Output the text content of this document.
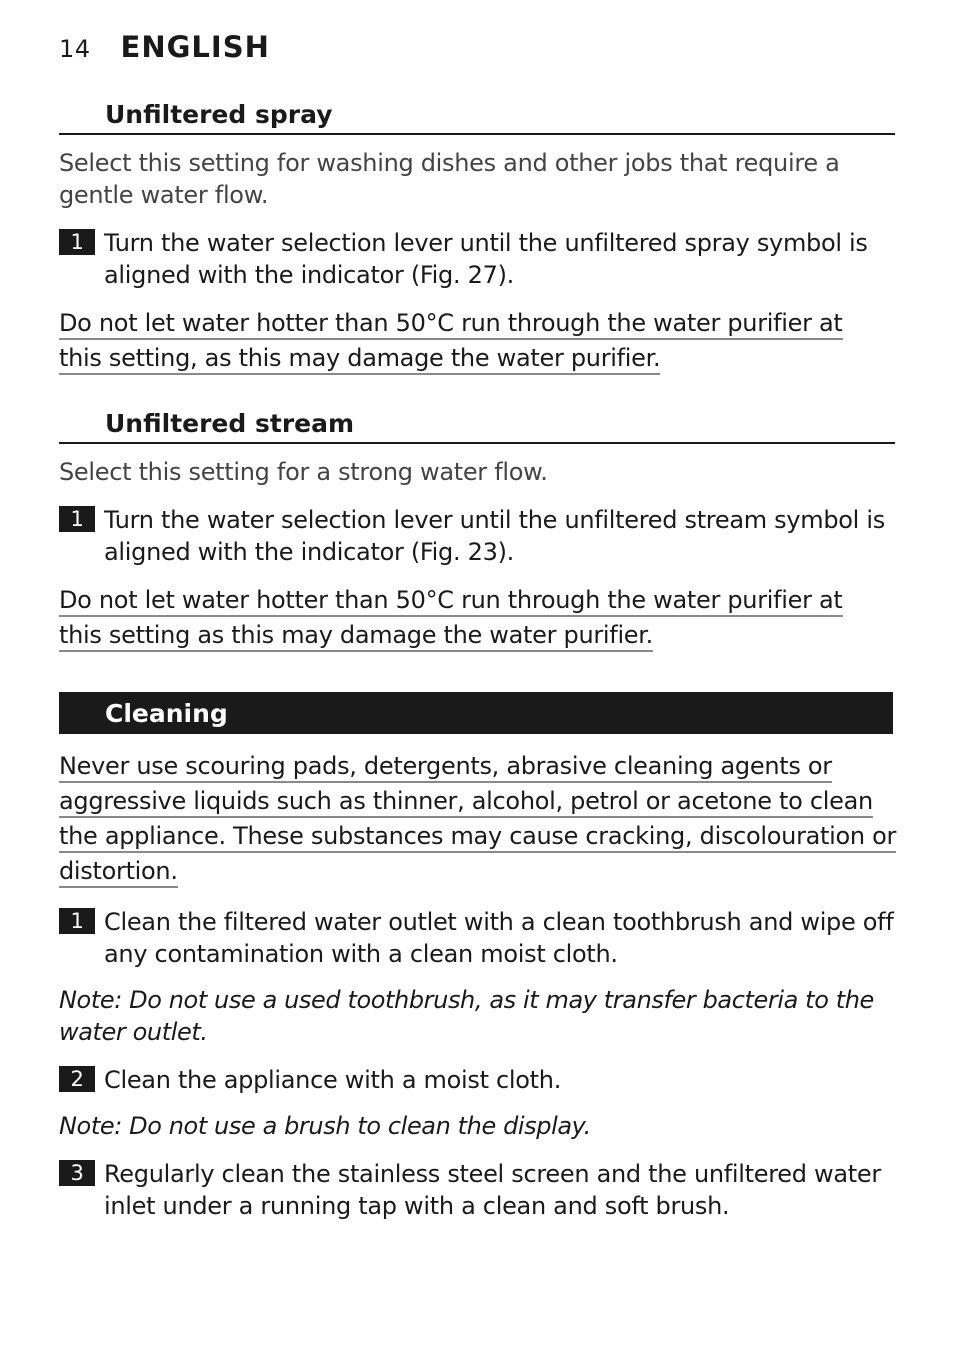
14 ENGLISH
Unfiltered spray
Select this setting for washing dishes and other jobs that require a gentle water flow.
1 Turn the water selection lever until the unfiltered spray symbol is aligned with the indicator (Fig. 27).
Do not let water hotter than 50°C run through the water purifier at
this setting, as this may damage the water purifier.
Unfiltered stream
Select this setting for a strong water flow.
1 Turn the water selection lever until the unfiltered stream symbol is aligned with the indicator (Fig. 23).
Do not let water hotter than 50°C run through the water purifier at
this setting as this may damage the water purifier.
Cleaning
Never use scouring pads, detergents, abrasive cleaning agents or
aggressive liquids such as thinner, alcohol, petrol or acetone to clean
the appliance. These substances may cause cracking, discolouration or
distortion.
1 Clean the filtered water outlet with a clean toothbrush and wipe off any contamination with a clean moist cloth.
Note: Do not use a used toothbrush, as it may transfer bacteria to the water outlet.
2 Clean the appliance with a moist cloth.
Note: Do not use a brush to clean the display.
3 Regularly clean the stainless steel screen and the unfiltered water inlet under a running tap with a clean and soft brush.
